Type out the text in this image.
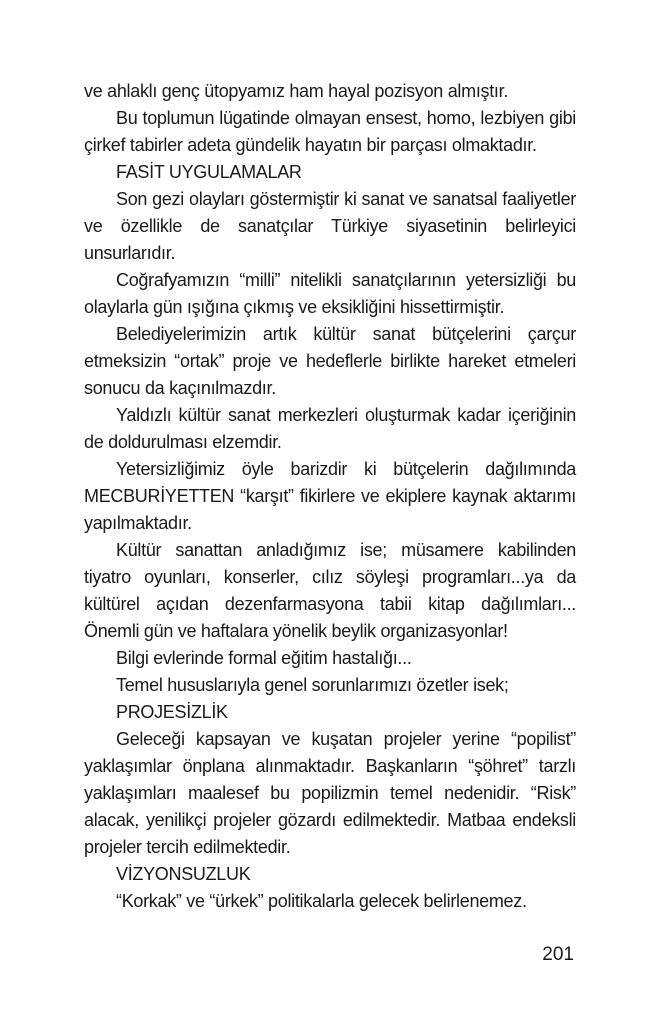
ve ahlaklı genç ütopyamız ham hayal pozisyon almıştır.

Bu toplumun lügatinde olmayan ensest, homo, lezbiyen gibi çirkef tabirler adeta gündelik hayatın bir parçası olmaktadır.

FASİT UYGULAMALAR

Son gezi olayları göstermiştir ki sanat ve sanatsal faaliyetler ve özellikle de sanatçılar Türkiye siyasetinin belirleyici unsurlarıdır.

Coğrafyamızın “milli” nitelikli sanatçılarının yetersizliği bu olaylarla gün ışığına çıkmış ve eksikliğini hissettirmiştir.

Belediyelerimizin artık kültür sanat bütçelerini çarçur etmeksizin “ortak” proje ve hedeflerle birlikte hareket etmeleri sonucu da kaçınılmazdır.

Yaldızlı kültür sanat merkezleri oluşturmak kadar içeriğinin de doldurulması elzemdir.

Yetersizliğimiz öyle barizdir ki bütçelerin dağılımında MECBURİYETTEN “karşıt” fikirlere ve ekiplere kaynak aktarımı yapılmaktadır.

Kültür sanattan anladığımız ise; müsamere kabilinden tiyatro oyunları, konserler, cılız söyleşi programları...ya da kültürel açıdan dezenfarmasyona tabii kitap dağılımları... Önemli gün ve haftalara yönelik beylik organizasyonlar!

Bilgi evlerinde formal eğitim hastalığı...

Temel hususlarıyla genel sorunlarımızı özetler isek;

PROJESİZLİK

Geleceği kapsayan ve kuşatan projeler yerine “popilist” yaklaşımlar önplana alınmaktadır. Başkanların “şöhret” tarzlı yaklaşımları maalesef bu popilizmin temel nedenidir. “Risk” alacak, yenilikçi projeler gözardı edilmektedir. Matbaa endeksli projeler tercih edilmektedir.

VİZYONSUZLUK

“Korkak” ve “ürkek” politikalarla gelecek belirlenemez.

201
